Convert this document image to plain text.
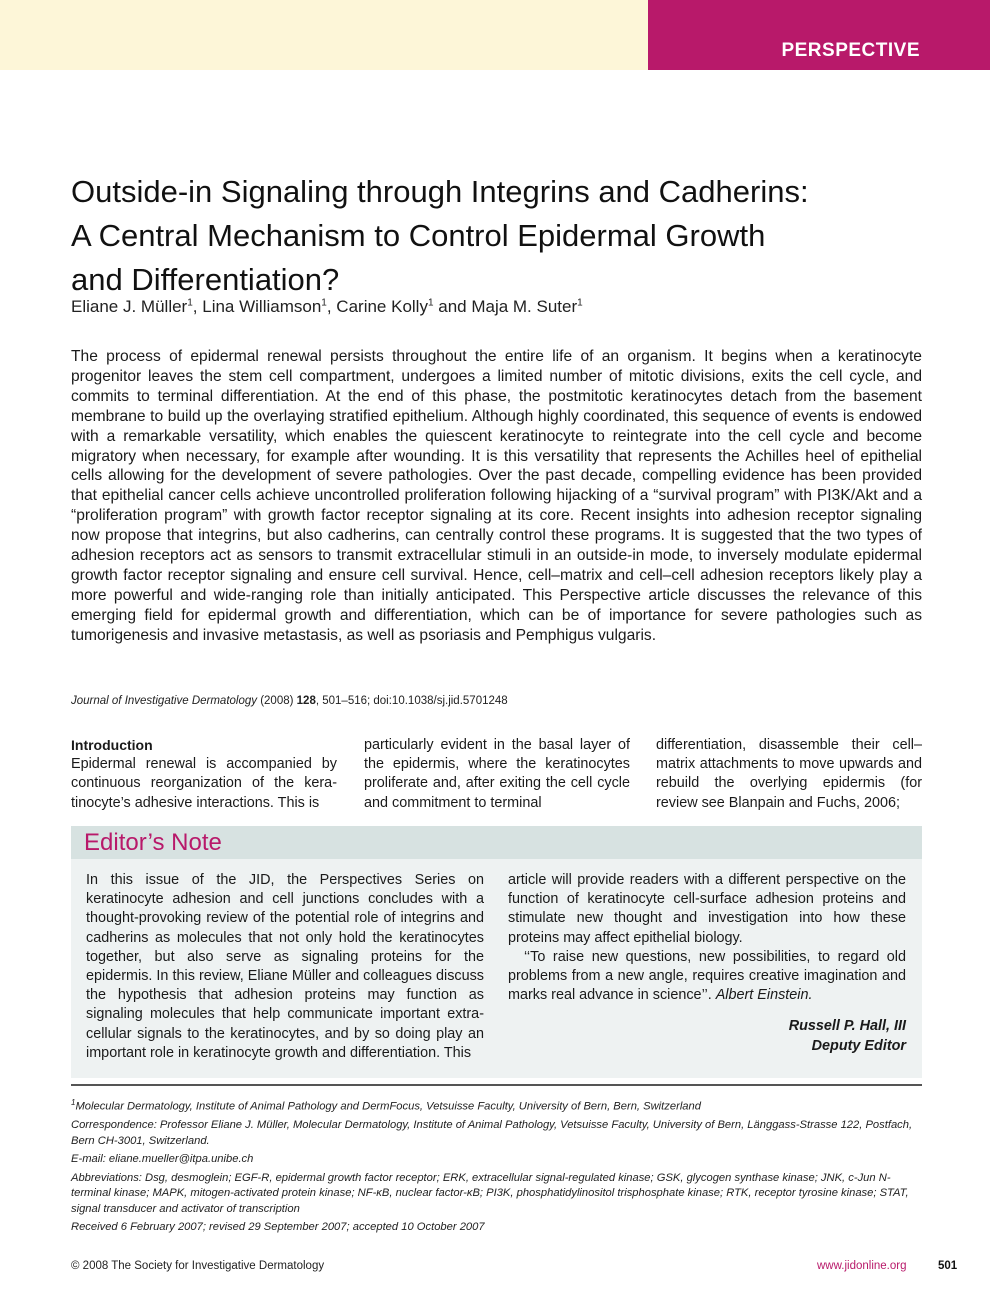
PERSPECTIVE
Outside-in Signaling through Integrins and Cadherins:
A Central Mechanism to Control Epidermal Growth
and Differentiation?
Eliane J. Müller$^1$, Lina Williamson$^1$, Carine Kolly$^1$ and Maja M. Suter$^1$

The process of epidermal renewal persists throughout the entire life of an organism. It begins when a keratinocyte progenitor leaves the stem cell compartment, undergoes a limited number of mitotic divisions, exits the cell cycle, and commits to terminal differentiation. At the end of this phase, the postmitotic keratinocytes detach from the basement membrane to build up the overlaying stratified epithelium. Although highly coordinated, this sequence of events is endowed with a remarkable versatility, which enables the quiescent keratinocyte to reintegrate into the cell cycle and become migratory when necessary, for example after wounding. It is this versatility that represents the Achilles heel of epithelial cells allowing for the development of severe pathologies. Over the past decade, compelling evidence has been provided that epithelial cancer cells achieve uncontrolled proliferation following hijacking of a “survival program” with PI3K/Akt and a “proliferation program” with growth factor receptor signaling at its core. Recent insights into adhesion receptor signaling now propose that integrins, but also cadherins, can centrally control these programs. It is suggested that the two types of adhesion receptors act as sensors to transmit extracellular stimuli in an outside-in mode, to inversely modulate epidermal growth factor receptor signaling and ensure cell survival. Hence, cell–matrix and cell–cell adhesion receptors likely play a more powerful and wide-ranging role than initially anticipated. This Perspective article discusses the relevance of this emerging field for epidermal growth and differentiation, which can be of importance for severe pathologies such as tumorigenesis and invasive metastasis, as well as psoriasis and Pemphigus vulgaris.

Journal of Investigative Dermatology (2008) 128, 501–516; doi:10.1038/sj.jid.5701248
Introduction

Epidermal renewal is accompanied by continuous reorganization of the keratinocyte’s adhesive interactions. This is

particularly evident in the basal layer of the epidermis, where the keratinocytes proliferate and, after exiting the cell cycle and commitment to terminal

differentiation, disassemble their cell–matrix attachments to move upwards and rebuild the overlying epidermis (for review see Blanpain and Fuchs, 2006;

Editor’s Note

In this issue of the JID, the Perspectives Series on keratinocyte adhesion and cell junctions concludes with a thought-provoking review of the potential role of integrins and cadherins as molecules that not only hold the keratinocytes together, but also serve as signaling proteins for the epidermis. In this review, Eliane Müller and colleagues discuss the hypothesis that adhesion proteins may function as signaling molecules that help communicate important extracellular signals to the keratinocytes, and by so doing play an important role in keratinocyte growth and differentiation. This

article will provide readers with a different perspective on the function of keratinocyte cell-surface adhesion proteins and stimulate new thought and investigation into how these proteins may affect epithelial biology.

‘‘To raise new questions, new possibilities, to regard old problems from a new angle, requires creative imagination and marks real advance in science’’. Albert Einstein.

Russell P. Hall, III
Deputy Editor

$^1$Molecular Dermatology, Institute of Animal Pathology and DermFocus, Vetsuisse Faculty, University of Bern, Bern, Switzerland

Correspondence: Professor Eliane J. Müller, Molecular Dermatology, Institute of Animal Pathology, Vetsuisse Faculty, University of Bern, Länggass-Strasse 122, Postfach, Bern CH-3001, Switzerland.

E-mail: eliane.mueller@itpa.unibe.ch

Abbreviations: Dsg, desmoglein; EGF-R, epidermal growth factor receptor; ERK, extracellular signal-regulated kinase; GSK, glycogen synthase kinase; JNK, c-Jun N-terminal kinase; MAPK, mitogen-activated protein kinase; NF-κB, nuclear factor-κB; PI3K, phosphatidylinositol trisphosphate kinase; RTK, receptor tyrosine kinase; STAT, signal transducer and activator of transcription

Received 6 February 2007; revised 29 September 2007; accepted 10 October 2007

© 2008 The Society for Investigative Dermatology	www.jidonline.org	501
